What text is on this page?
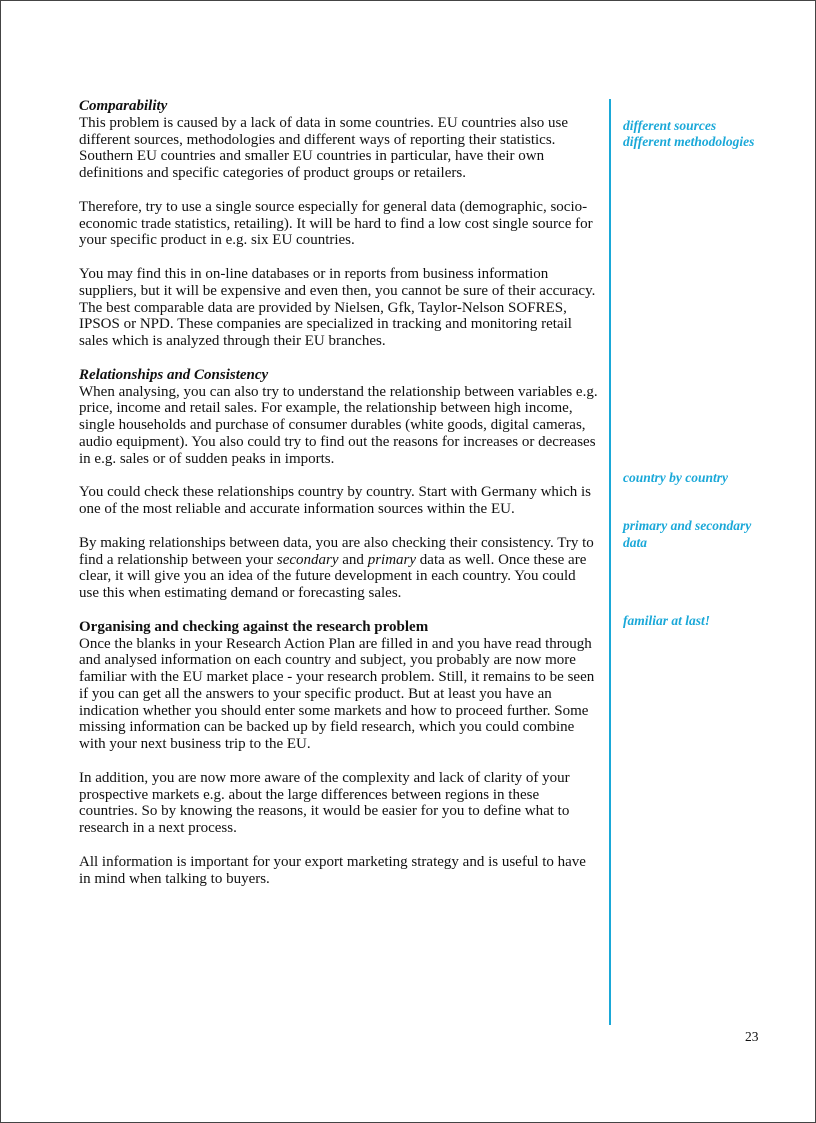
Comparability

This problem is caused by a lack of data in some countries. EU countries also use different sources, methodologies and different ways of reporting their statistics. Southern EU countries and smaller EU countries in particular, have their own definitions and specific categories of product groups or retailers.

Therefore, try to use a single source especially for general data (demographic, socio-economic trade statistics, retailing). It will be hard to find a low cost single source for your specific product in e.g. six EU countries.

You may find this in on-line databases or in reports from business information suppliers, but it will be expensive and even then, you cannot be sure of their accuracy. The best comparable data are provided by Nielsen, Gfk, Taylor-Nelson SOFRES, IPSOS or NPD. These companies are specialized in tracking and monitoring retail sales which is analyzed through their EU branches.

Relationships and Consistency

When analysing, you can also try to understand the relationship between variables e.g. price, income and retail sales. For example, the relationship between high income, single households and purchase of consumer durables (white goods, digital cameras, audio equipment). You also could try to find out the reasons for increases or decreases in e.g. sales or of sudden peaks in imports.

You could check these relationships country by country. Start with Germany which is one of the most reliable and accurate information sources within the EU.

By making relationships between data, you are also checking their consistency. Try to find a relationship between your secondary and primary data as well. Once these are clear, it will give you an idea of the future development in each country. You could use this when estimating demand or forecasting sales.

Organising and checking against the research problem

Once the blanks in your Research Action Plan are filled in and you have read through and analysed information on each country and subject, you probably are now more familiar with the EU market place - your research problem. Still, it remains to be seen if you can get all the answers to your specific product. But at least you have an indication whether you should enter some markets and how to proceed further. Some missing information can be backed up by field research, which you could combine with your next business trip to the EU.

In addition, you are now more aware of the complexity and lack of clarity of your prospective markets e.g. about the large differences between regions in these countries. So by knowing the reasons, it would be easier for you to define what to research in a next process.

All information is important for your export marketing strategy and is useful to have in mind when talking to buyers.

different sources
different methodologies
country by country
primary and secondary data
familiar at last!
23
